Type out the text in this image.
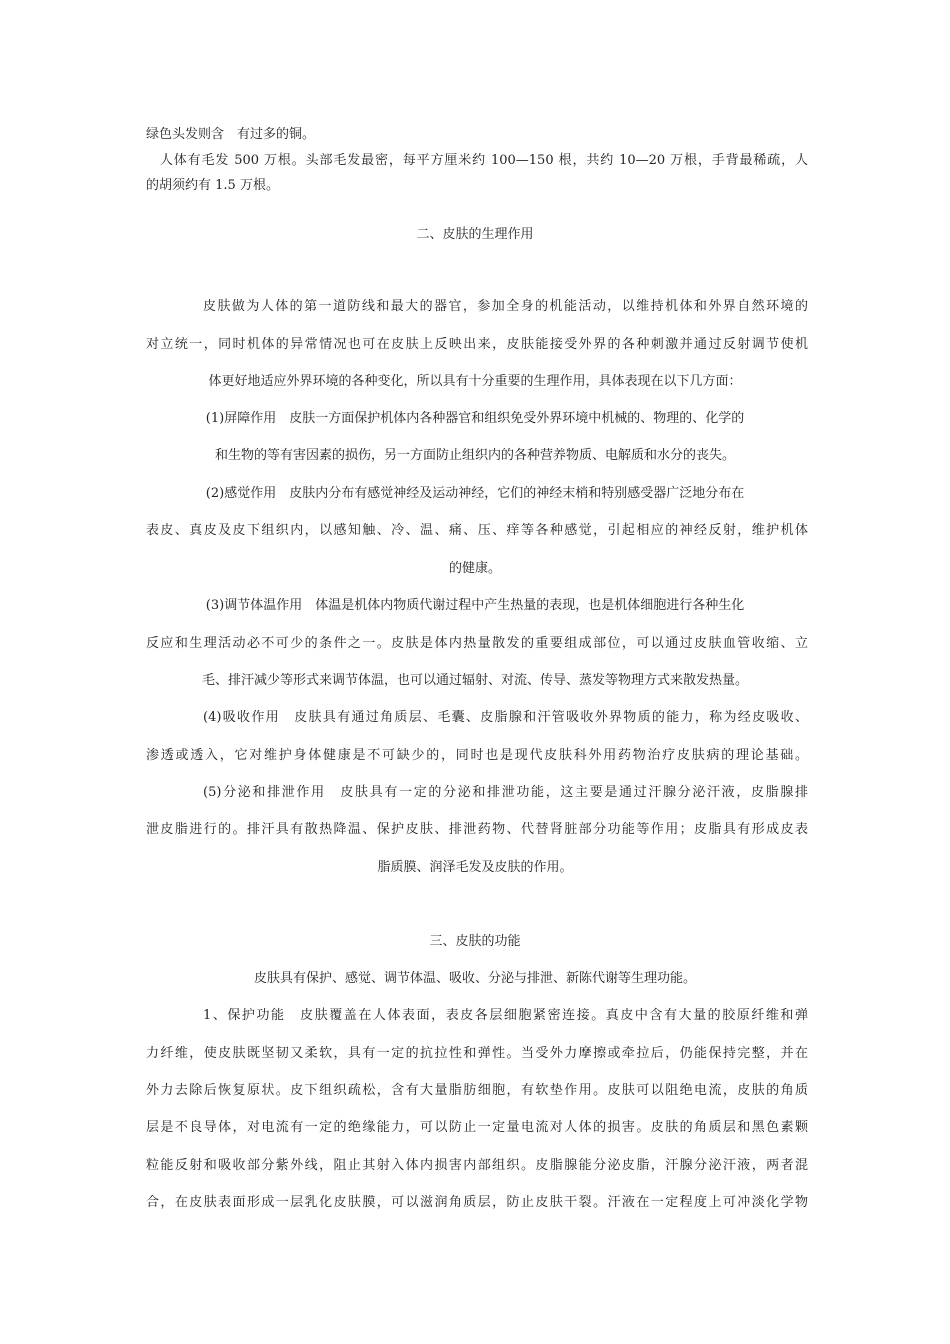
绿色头发则含　有过多的铜。
　人体有毛发 500 万根。头部毛发最密，每平方厘米约 100—150 根，共约 10—20 万根，手背最稀疏，人
的胡须约有 1.5 万根。
二、皮肤的生理作用
皮肤做为人体的第一道防线和最大的器官，参加全身的机能活动，以维持机体和外界自然环境的
对立统一，同时机体的异常情况也可在皮肤上反映出来，皮肤能接受外界的各种刺激并通过反射调节使机
体更好地适应外界环境的各种变化，所以具有十分重要的生理作用，具体表现在以下几方面：
(1)屏障作用　皮肤一方面保护机体内各种器官和组织免受外界环境中机械的、物理的、化学的
和生物的等有害因素的损伤，另一方面防止组织内的各种营养物质、电解质和水分的丧失。
(2)感觉作用　皮肤内分布有感觉神经及运动神经，它们的神经末梢和特别感受器广泛地分布在
表皮、真皮及皮下组织内，以感知触、冷、温、痛、压、痒等各种感觉，引起相应的神经反射，维护机体
的健康。
(3)调节体温作用　体温是机体内物质代谢过程中产生热量的表现，也是机体细胞进行各种生化
反应和生理活动必不可少的条件之一。皮肤是体内热量散发的重要组成部位，可以通过皮肤血管收缩、立
毛、排汗减少等形式来调节体温，也可以通过辐射、对流、传导、蒸发等物理方式来散发热量。
(4)吸收作用　皮肤具有通过角质层、毛囊、皮脂腺和汗管吸收外界物质的能力，称为经皮吸收、
渗透或透入，它对维护身体健康是不可缺少的，同时也是现代皮肤科外用药物治疗皮肤病的理论基础。
(5)分泌和排泄作用　皮肤具有一定的分泌和排泄功能，这主要是通过汗腺分泌汗液，皮脂腺排
泄皮脂进行的。排汗具有散热降温、保护皮肤、排泄药物、代替肾脏部分功能等作用；皮脂具有形成皮表
脂质膜、润泽毛发及皮肤的作用。
三、皮肤的功能
皮肤具有保护、感觉、调节体温、吸收、分泌与排泄、新陈代谢等生理功能。
1、保护功能　皮肤覆盖在人体表面，表皮各层细胞紧密连接。真皮中含有大量的胶原纤维和弹
力纤维，使皮肤既坚韧又柔软，具有一定的抗拉性和弹性。当受外力摩擦或牵拉后，仍能保持完整，并在
外力去除后恢复原状。皮下组织疏松，含有大量脂肪细胞，有软垫作用。皮肤可以阻绝电流，皮肤的角质
层是不良导体，对电流有一定的绝缘能力，可以防止一定量电流对人体的损害。皮肤的角质层和黑色素颗
粒能反射和吸收部分紫外线，阻止其射入体内损害内部组织。皮脂腺能分泌皮脂，汗腺分泌汗液，两者混
合，在皮肤表面形成一层乳化皮肤膜，可以滋润角质层，防止皮肤干裂。汗液在一定程度上可冲淡化学物
